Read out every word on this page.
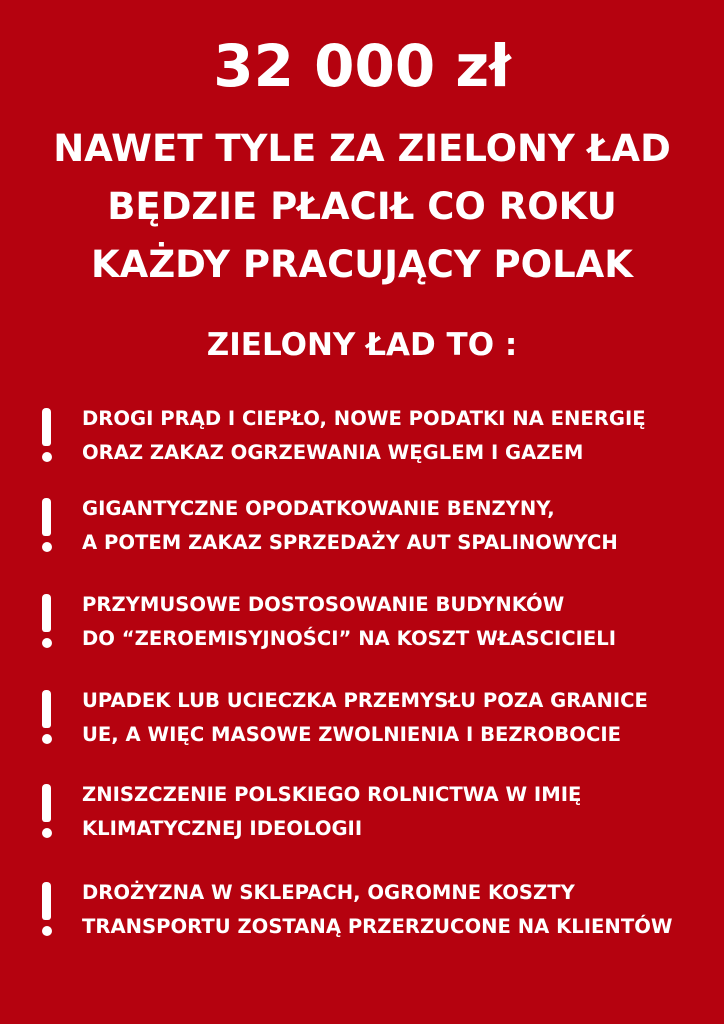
32 000 zł
NAWET TYLE ZA ZIELONY ŁAD
BĘDZIE PŁACIŁ CO ROKU
KAŻDY PRACUJĄCY POLAK
ZIELONY ŁAD TO :
DROGI PRĄD I CIEPŁO, NOWE PODATKI NA ENERGIĘ
ORAZ ZAKAZ OGRZEWANIA WĘGLEM I GAZEM
GIGANTYCZNE OPODATKOWANIE BENZYNY,
A POTEM ZAKAZ SPRZEDAŻY AUT SPALINOWYCH
PRZYMUSOWE DOSTOSOWANIE BUDYNKÓW
DO “ZEROEMISYJNOŚCI” NA KOSZT WŁASCICIELI
UPADEK LUB UCIECZKA PRZEMYSŁU POZA GRANICE
UE, A WIĘC MASOWE ZWOLNIENIA I BEZROBOCIE
ZNISZCZENIE POLSKIEGO ROLNICTWA W IMIĘ
KLIMATYCZNEJ IDEOLOGII
DROŻYZNA W SKLEPACH, OGROMNE KOSZTY
TRANSPORTU ZOSTANĄ PRZERZUCONE NA KLIENTÓW
